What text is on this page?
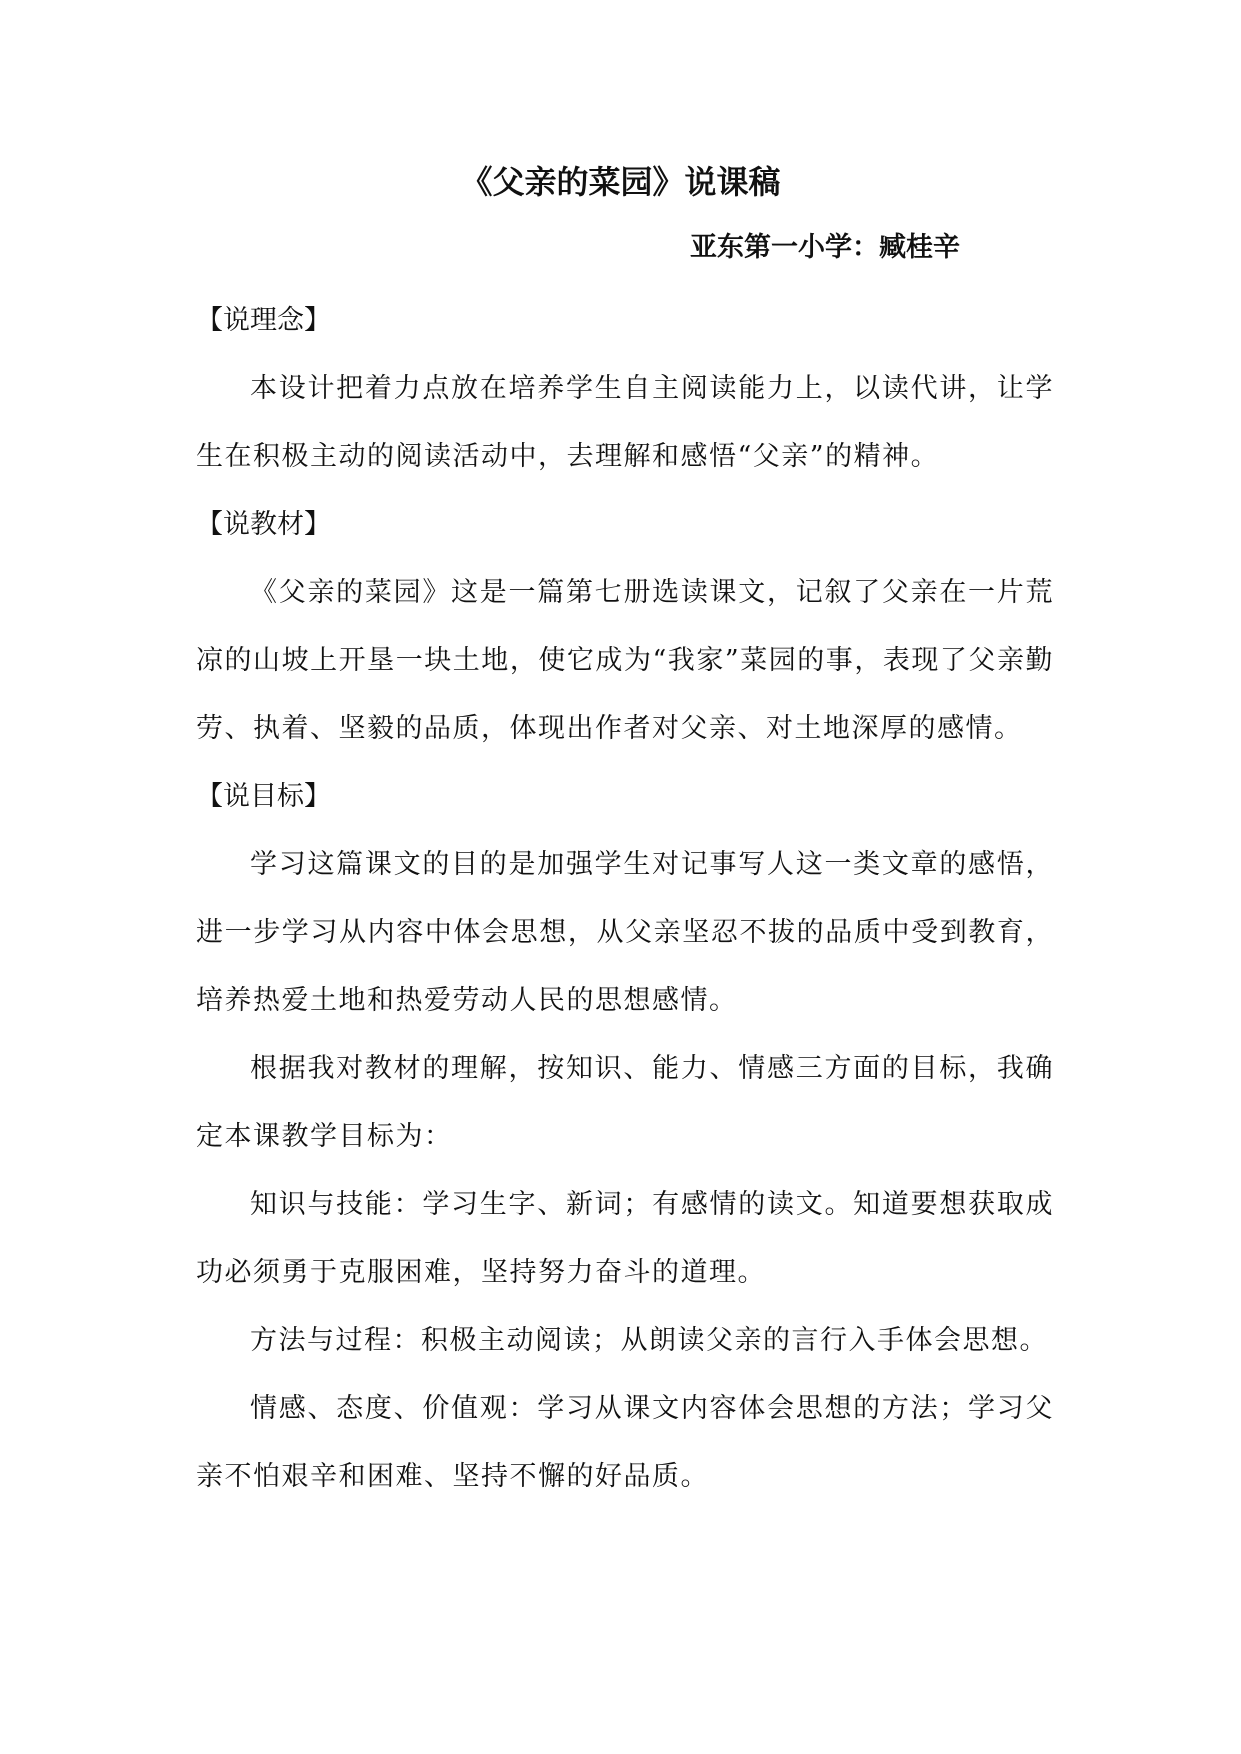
《父亲的菜园》说课稿

亚东第一小学：臧桂辛

【说理念】

本设计把着力点放在培养学生自主阅读能力上，以读代讲，让学生在积极主动的阅读活动中，去理解和感悟“父亲”的精神。

【说教材】

《父亲的菜园》这是一篇第七册选读课文，记叙了父亲在一片荒凉的山坡上开垦一块土地，使它成为“我家”菜园的事，表现了父亲勤劳、执着、坚毅的品质，体现出作者对父亲、对土地深厚的感情。

【说目标】

学习这篇课文的目的是加强学生对记事写人这一类文章的感悟，进一步学习从内容中体会思想，从父亲坚忍不拔的品质中受到教育，培养热爱土地和热爱劳动人民的思想感情。

根据我对教材的理解，按知识、能力、情感三方面的目标，我确定本课教学目标为：

知识与技能：学习生字、新词；有感情的读文。知道要想获取成功必须勇于克服困难，坚持努力奋斗的道理。

方法与过程：积极主动阅读；从朗读父亲的言行入手体会思想。

情感、态度、价值观：学习从课文内容体会思想的方法；学习父亲不怕艰辛和困难、坚持不懈的好品质。
